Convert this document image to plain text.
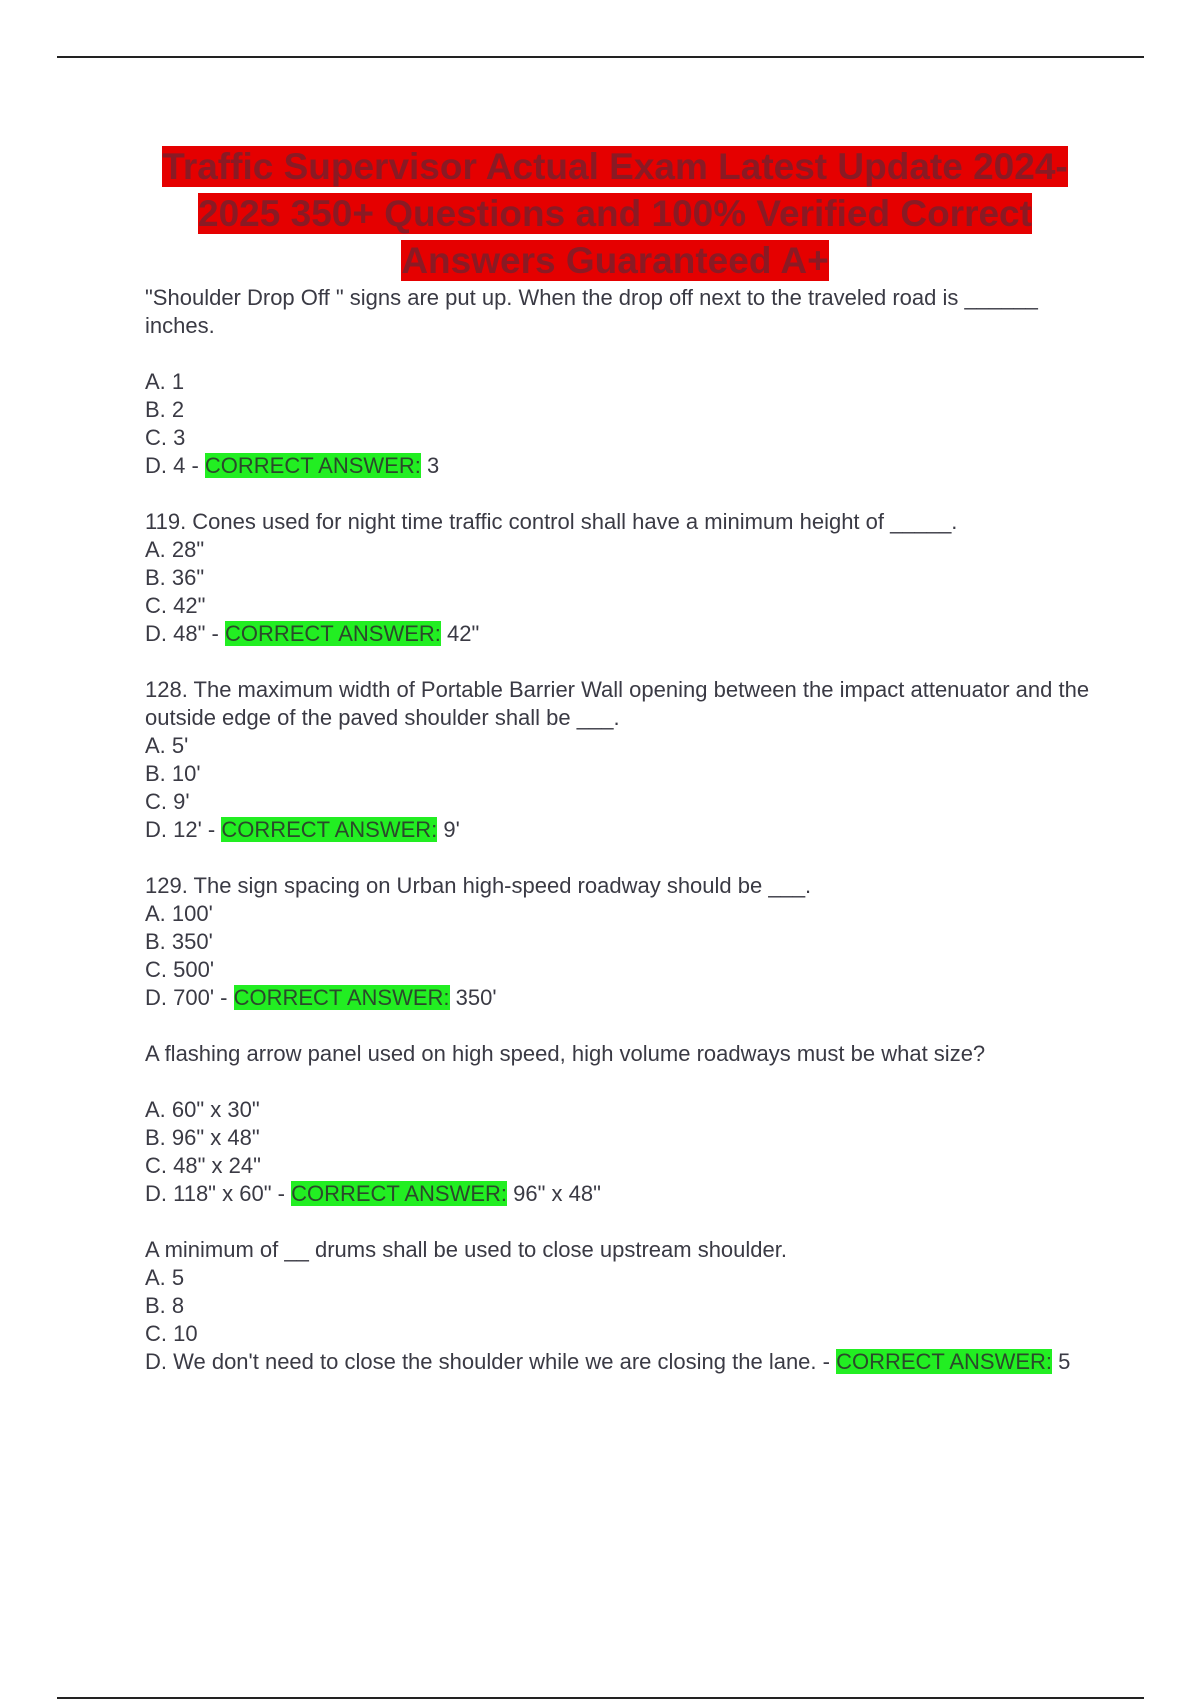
Traffic Supervisor Actual Exam Latest Update 2024-2025 350+ Questions and 100% Verified Correct Answers Guaranteed A+
"Shoulder Drop Off " signs are put up. When the drop off next to the traveled road is ______ inches.
A. 1
B. 2
C. 3
D. 4 - CORRECT ANSWER: 3
119. Cones used for night time traffic control shall have a minimum height of _____.
A. 28"
B. 36"
C. 42"
D. 48" - CORRECT ANSWER: 42"
128. The maximum width of Portable Barrier Wall opening between the impact attenuator and the outside edge of the paved shoulder shall be ___.
A. 5'
B. 10'
C. 9'
D. 12' - CORRECT ANSWER: 9'
129. The sign spacing on Urban high-speed roadway should be ___.
A. 100'
B. 350'
C. 500'
D. 700' - CORRECT ANSWER: 350'
A flashing arrow panel used on high speed, high volume roadways must be what size?
A. 60" x 30"
B. 96" x 48"
C. 48" x 24"
D. 118" x 60" - CORRECT ANSWER: 96" x 48"
A minimum of __ drums shall be used to close upstream shoulder.
A. 5
B. 8
C. 10
D. We don't need to close the shoulder while we are closing the lane. - CORRECT ANSWER: 5
